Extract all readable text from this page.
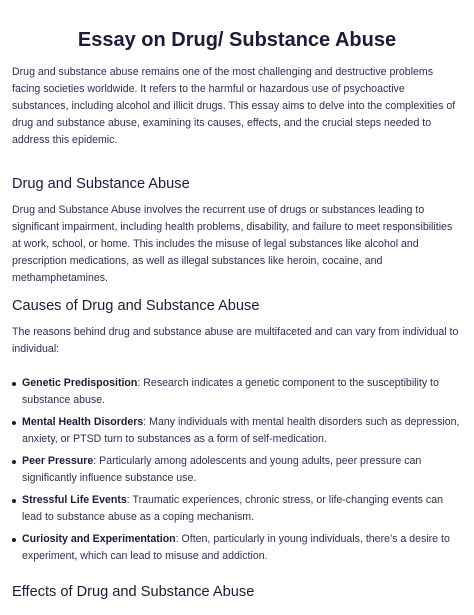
Essay on Drug/ Substance Abuse

Drug and substance abuse remains one of the most challenging and destructive problems facing societies worldwide. It refers to the harmful or hazardous use of psychoactive substances, including alcohol and illicit drugs. This essay aims to delve into the complexities of drug and substance abuse, examining its causes, effects, and the crucial steps needed to address this epidemic.

Drug and Substance Abuse

Drug and Substance Abuse involves the recurrent use of drugs or substances leading to significant impairment, including health problems, disability, and failure to meet responsibilities at work, school, or home. This includes the misuse of legal substances like alcohol and prescription medications, as well as illegal substances like heroin, cocaine, and methamphetamines.

Causes of Drug and Substance Abuse

The reasons behind drug and substance abuse are multifaceted and can vary from individual to individual:

Genetic Predisposition: Research indicates a genetic component to the susceptibility to substance abuse.
Mental Health Disorders: Many individuals with mental health disorders such as depression, anxiety, or PTSD turn to substances as a form of self-medication.
Peer Pressure: Particularly among adolescents and young adults, peer pressure can significantly influence substance use.
Stressful Life Events: Traumatic experiences, chronic stress, or life-changing events can lead to substance abuse as a coping mechanism.
Curiosity and Experimentation: Often, particularly in young individuals, there’s a desire to experiment, which can lead to misuse and addiction.
Effects of Drug and Substance Abuse
